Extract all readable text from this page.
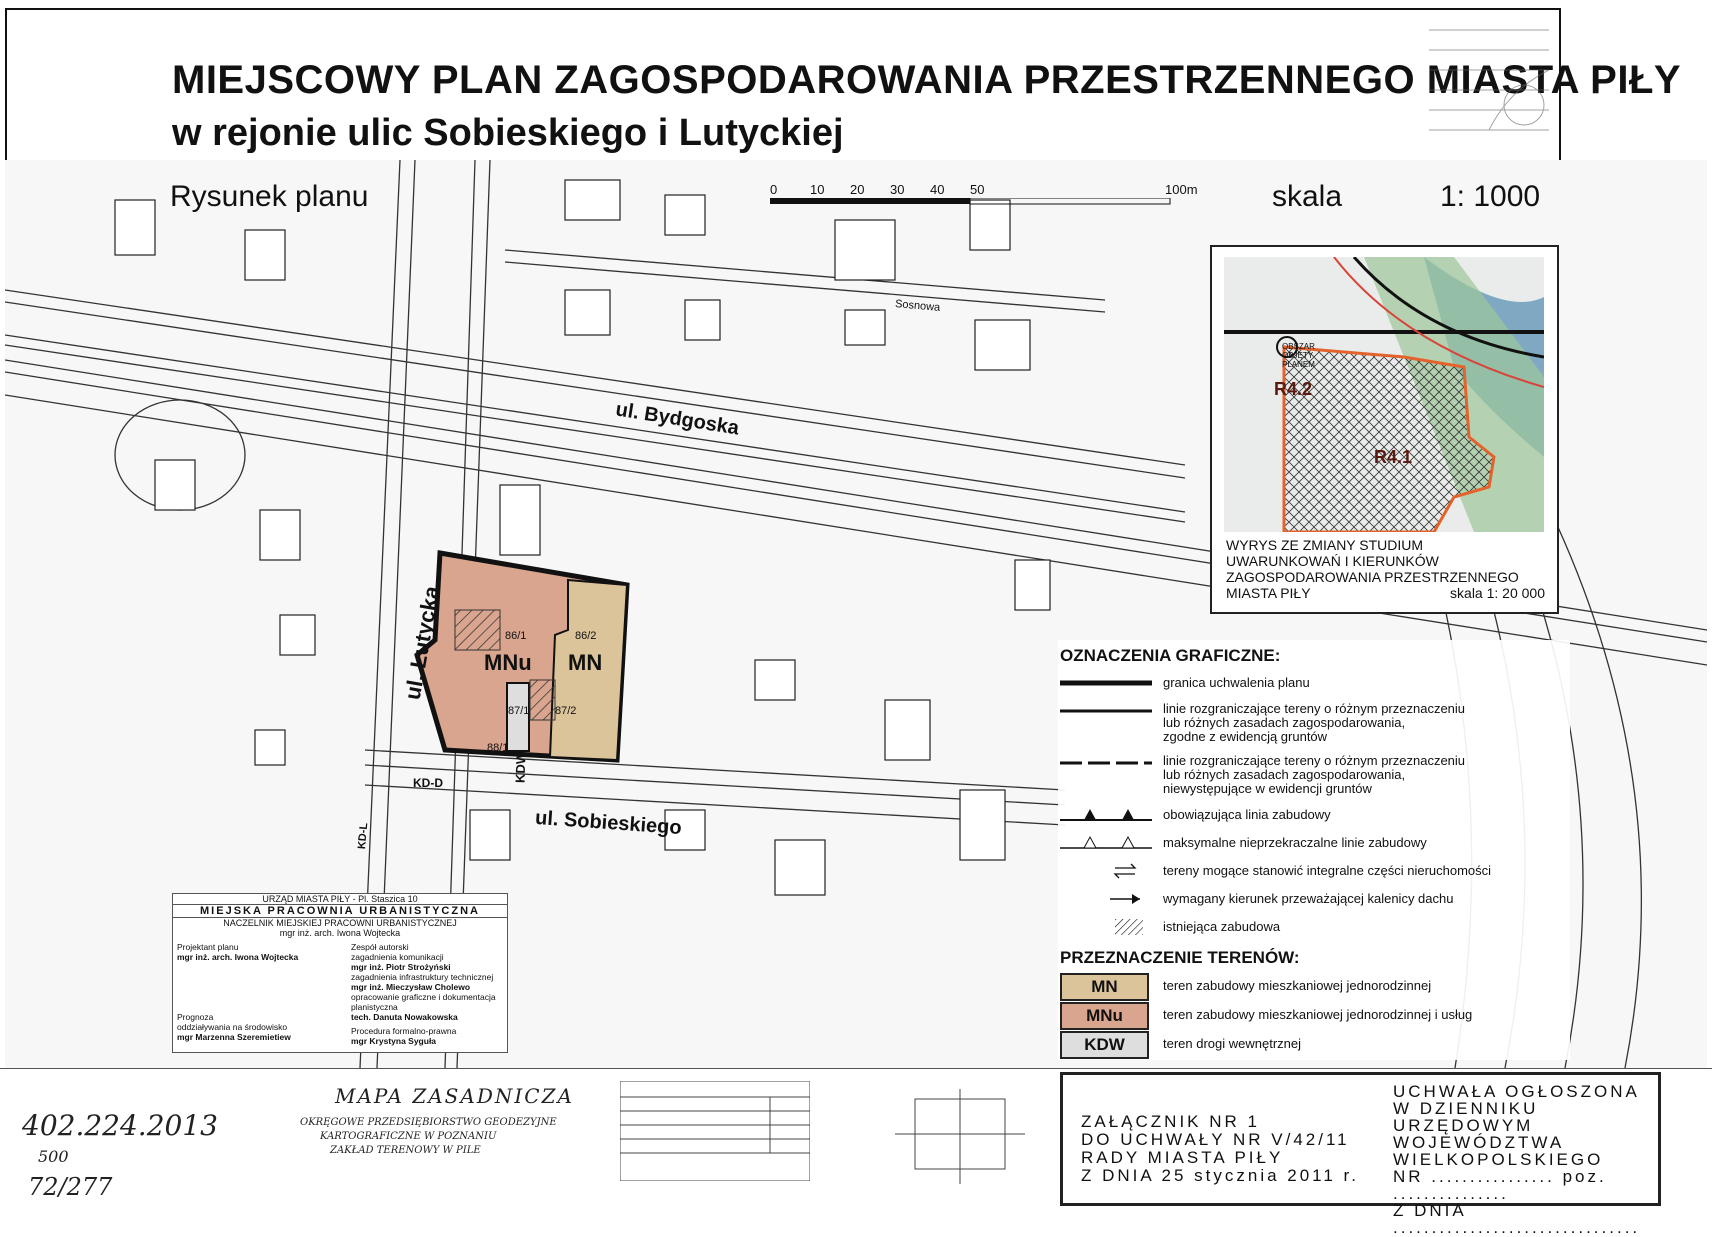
MIEJSCOWY PLAN ZAGOSPODAROWANIA PRZESTRZENNEGO MIASTA PIŁY
w rejonie ulic Sobieskiego i Lutyckiej
Rysunek planu	0	10 20 30 40 50	100m skala	1: 1000
ul. Bydgoska
ul. Lutycka
ul. Sobieskiego
Sosnowa
MNu MN
KDW
KD-D
KD-L
86/1	86/2
87/1 87/2
88/1
R4.2
R4.1
OBSZAR OBJĘTY PLANEM
WYRYS ZE ZMIANY STUDIUM
UWARUNKOWAŃ I KIERUNKÓW
ZAGOSPODAROWANIA PRZESTRZENNEGO
MIASTA PIŁY	skala 1: 20 000
OZNACZENIA GRAFICZNE:
granica uchwalenia planu
linie rozgraniczające tereny o różnym przeznaczeniu
lub różnych zasadach zagospodarowania,
zgodne z ewidencją gruntów
linie rozgraniczające tereny o różnym przeznaczeniu
lub różnych zasadach zagospodarowania,
niewystępujące w ewidencji gruntów
obowiązująca linia zabudowy
maksymalne nieprzekraczalne linie zabudowy
tereny mogące stanowić integralne części nieruchomości
wymagany kierunek przeważającej kalenicy dachu
istniejąca zabudowa
PRZEZNACZENIE TERENÓW:
MN	teren zabudowy mieszkaniowej jednorodzinnej
MNu	teren zabudowy mieszkaniowej jednorodzinnej i usług
KDW	teren drogi wewnętrznej
URZĄD MIASTA PIŁY - Pl. Staszica 10
MIEJSKA PRACOWNIA URBANISTYCZNA
NACZELNIK MIEJSKIEJ PRACOWNI URBANISTYCZNEJ
mgr inż. arch. Iwona Wojtecka
Projektant planu
mgr inż. arch. Iwona Wojtecka
Prognoza
oddziaływania na środowisko
mgr Marzenna Szeremietiew
Zespół autorski
zagadnienia komunikacji
mgr inż. Piotr Strożyński
zagadnienia infrastruktury technicznej
mgr inż. Mieczysław Cholewo
opracowanie graficzne i dokumentacja
planistyczna
tech. Danuta Nowakowska
Procedura formalno-prawna
mgr Krystyna Syguła
402.224.2013
500
72/277
MAPA ZASADNICZA
OKRĘGOWE PRZEDSIĘBIORSTWO GEODEZYJNE
KARTOGRAFICZNE W POZNANIU
ZAKŁAD TERENOWY W PILE
ZAŁĄCZNIK NR 1
DO UCHWAŁY NR V/42/11
RADY MIASTA PIŁY
Z DNIA 25 stycznia 2011 r.
UCHWAŁA OGŁOSZONA
W DZIENNIKU URZĘDOWYM
WOJEWÓDZTWA
WIELKOPOLSKIEGO
NR ................ poz. ...............
Z DNIA ................................
